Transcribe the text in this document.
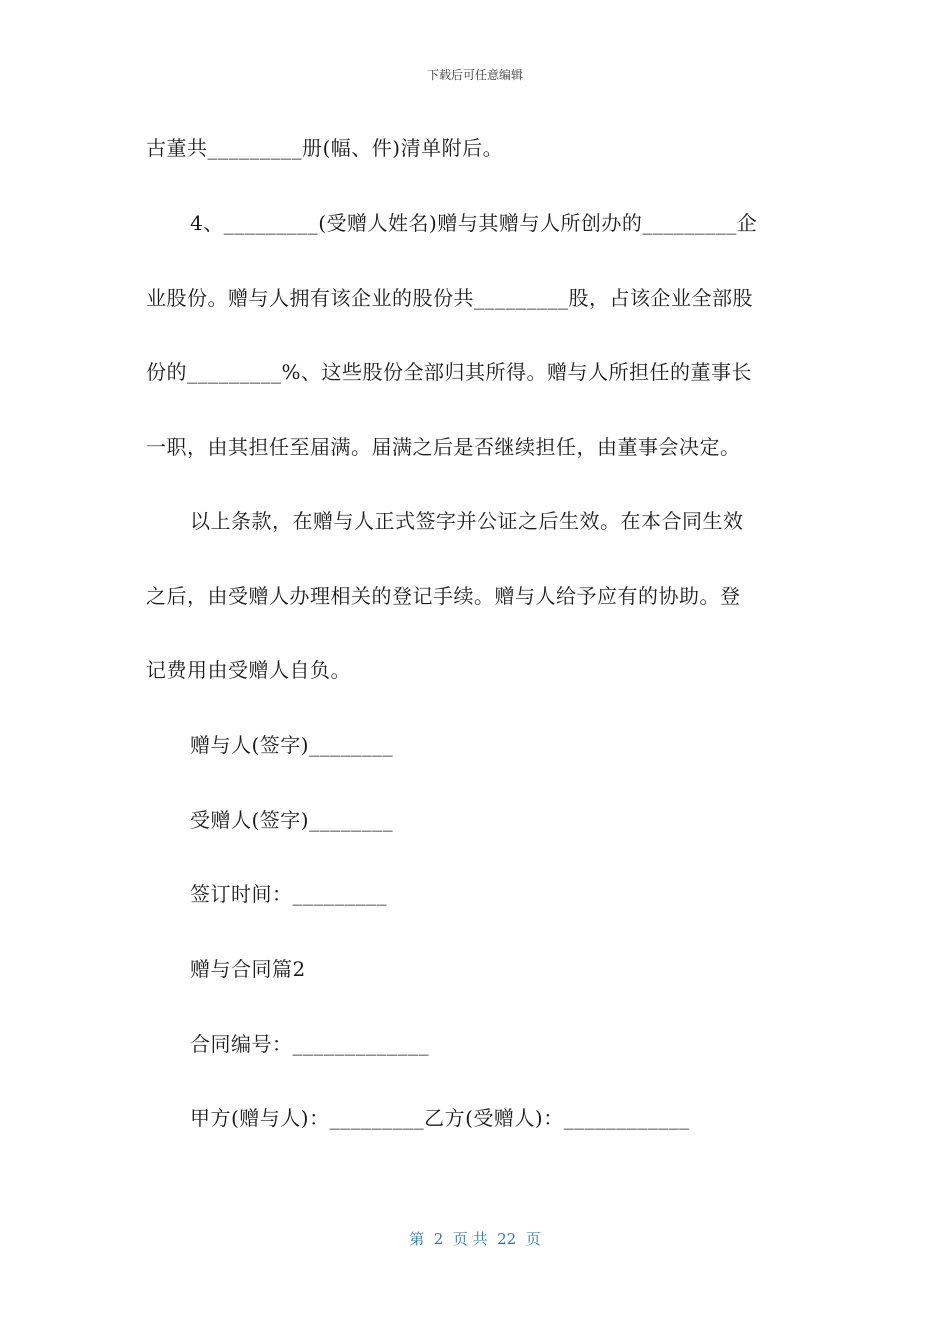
下载后可任意编辑
古董共_________册(幅、件)清单附后。
4、_________(受赠人姓名)赠与其赠与人所创办的_________企
业股份。赠与人拥有该企业的股份共_________股，占该企业全部股
份的_________%、这些股份全部归其所得。赠与人所担任的董事长
一职，由其担任至届满。届满之后是否继续担任，由董事会决定。
以上条款，在赠与人正式签字并公证之后生效。在本合同生效
之后，由受赠人办理相关的登记手续。赠与人给予应有的协助。登
记费用由受赠人自负。
赠与人(签字)________
受赠人(签字)________
签订时间：_________
赠与合同篇2
合同编号：_____________
甲方(赠与人)：_________乙方(受赠人)：____________
第  2  页 共  22  页
